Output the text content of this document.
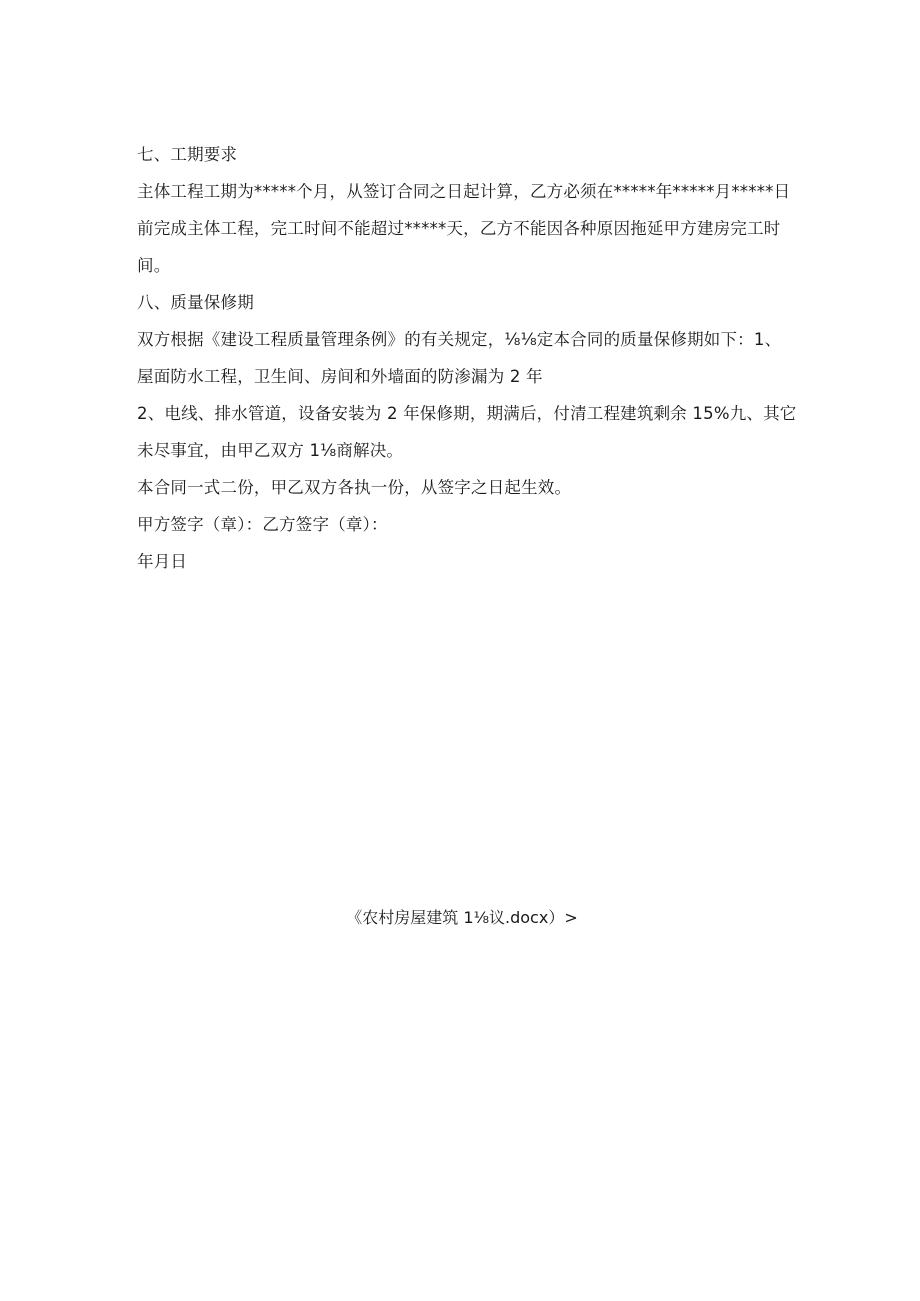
七、工期要求
主体工程工期为*****个月，从签订合同之日起计算，乙方必须在*****年*****月*****日
前完成主体工程，完工时间不能超过*****天，乙方不能因各种原因拖延甲方建房完工时
间。
八、质量保修期
双方根据《建设工程质量管理条例》的有关规定，⅛⅛定本合同的质量保修期如下：1、
屋面防水工程，卫生间、房间和外墙面的防渗漏为 2 年
2、电线、排水管道，设备安装为 2 年保修期，期满后，付清工程建筑剩余 15%九、其它
未尽事宜，由甲乙双方 1⅛商解决。
本合同一式二份，甲乙双方各执一份，从签字之日起生效。
甲方签字（章）：乙方签字（章）：
年月日
《农村房屋建筑 1⅛议.docx）>
